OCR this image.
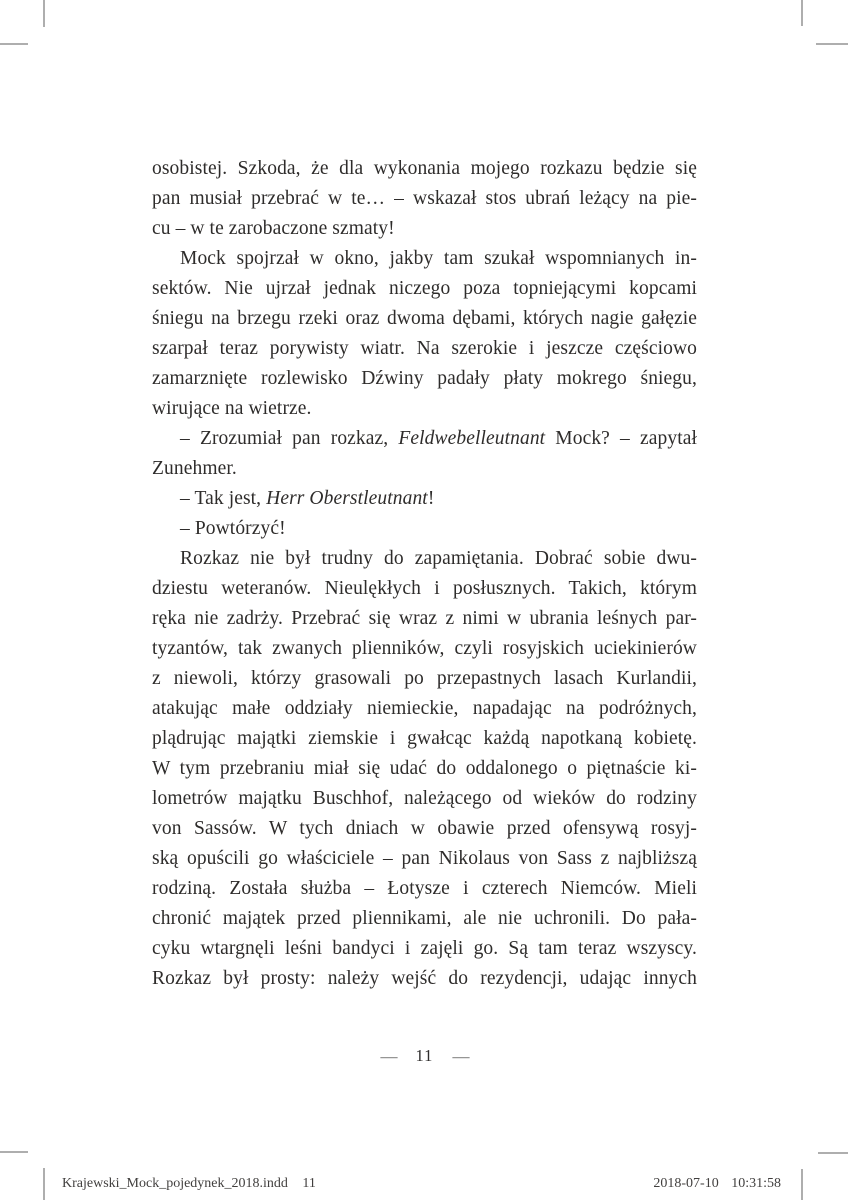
osobistej. Szkoda, że dla wykonania mojego rozkazu będzie się
pan musiał przebrać w te… – wskazał stos ubrań leżący na pie-
cu – w te zarobaczone szmaty!
Mock spojrzał w okno, jakby tam szukał wspomnianych in-
sektów. Nie ujrzał jednak niczego poza topniejącymi kopcami
śniegu na brzegu rzeki oraz dwoma dębami, których nagie gałęzie
szarpał teraz porywisty wiatr. Na szerokie i jeszcze częściowo
zamarznięte rozlewisko Dźwiny padały płaty mokrego śniegu,
wirujące na wietrze.
– Zrozumiał pan rozkaz, Feldwebelleutnant Mock? – zapytał
Zunehmer.
– Tak jest, Herr Oberstleutnant!
– Powtórzyć!
Rozkaz nie był trudny do zapamiętania. Dobrać sobie dwu-
dziestu weteranów. Nieulękłych i posłusznych. Takich, którym
ręka nie zadrży. Przebrać się wraz z nimi w ubrania leśnych par-
tyzantów, tak zwanych plienników, czyli rosyjskich uciekinierów
z niewoli, którzy grasowali po przepastnych lasach Kurlandii,
atakując małe oddziały niemieckie, napadając na podróżnych,
plądrując majątki ziemskie i gwałcąc każdą napotkaną kobietę.
W tym przebraniu miał się udać do oddalonego o piętnaście ki-
lometrów majątku Buschhof, należącego od wieków do rodziny
von Sassów. W tych dniach w obawie przed ofensywą rosyj-
ską opuścili go właściciele – pan Nikolaus von Sass z najbliższą
rodziną. Została służba – Łotysze i czterech Niemców. Mieli
chronić majątek przed pliennikami, ale nie uchronili. Do pała-
cyku wtargnęli leśni bandyci i zajęli go. Są tam teraz wszyscy.
Rozkaz był prosty: należy wejść do rezydencji, udając innych
— 11 —
Krajewski_Mock_pojedynek_2018.indd 11	2018-07-10 10:31:58
